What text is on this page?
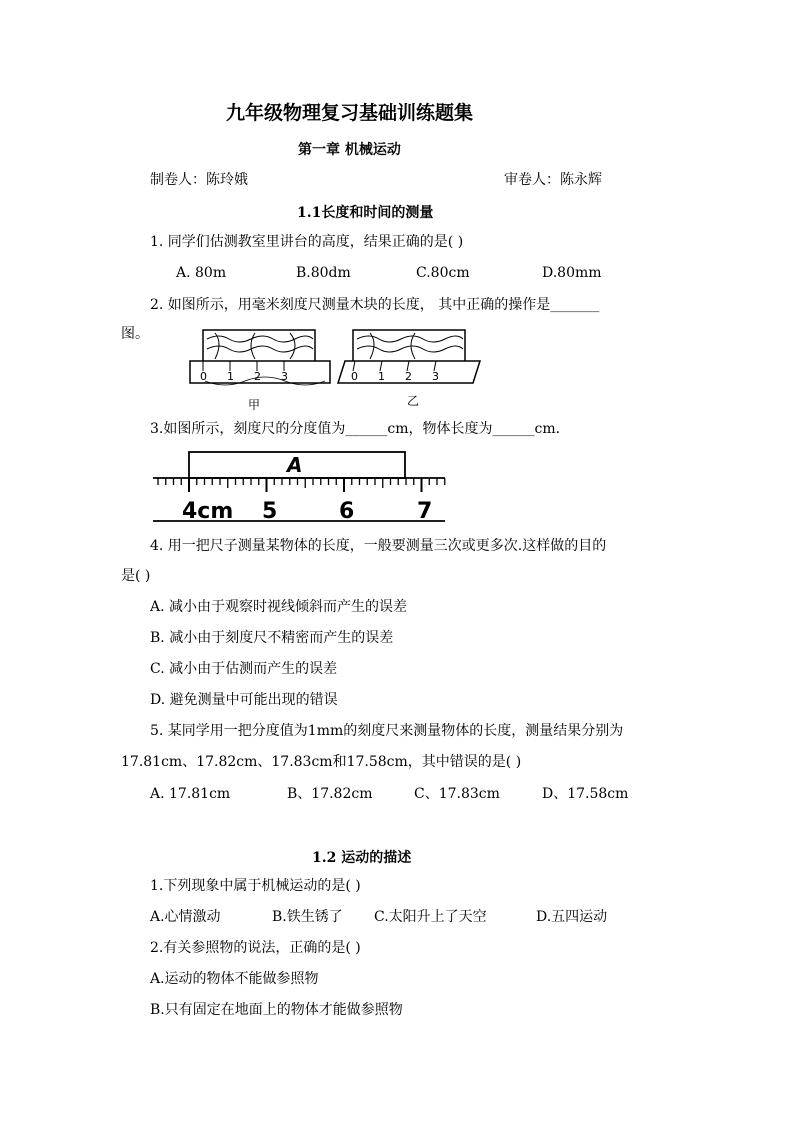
九年级物理复习基础训练题集
第一章 机械运动
制卷人：陈玲娥	审卷人：陈永辉
1.1长度和时间的测量
1. 同学们估测教室里讲台的高度，结果正确的是( )
A. 80m	B.80dm	C.80cm	D.80mm
2. 如图所示，用毫米刻度尺测量木块的长度， 其中正确的操作是_______
图。
0 1 2 3
甲
0 1 2 3
乙
3.如图所示，刻度尺的分度值为______cm，物体长度为______cm.
A
4cm 5	6	7
4. 用一把尺子测量某物体的长度，一般要测量三次或更多次.这样做的目的
是( )
A. 减小由于观察时视线倾斜而产生的误差
B. 减小由于刻度尺不精密而产生的误差
C. 减小由于估测而产生的误差
D. 避免测量中可能出现的错误
5. 某同学用一把分度值为1mm的刻度尺来测量物体的长度，测量结果分别为
17.81cm、17.82cm、17.83cm和17.58cm，其中错误的是( )
A. 17.81cm	B、17.82cm	C、17.83cm	D、17.58cm
1.2 运动的描述
1.下列现象中属于机械运动的是( )
A.心情激动	B.铁生锈了 C.太阳升上了天空	D.五四运动
2.有关参照物的说法，正确的是( )
A.运动的物体不能做参照物
B.只有固定在地面上的物体才能做参照物
